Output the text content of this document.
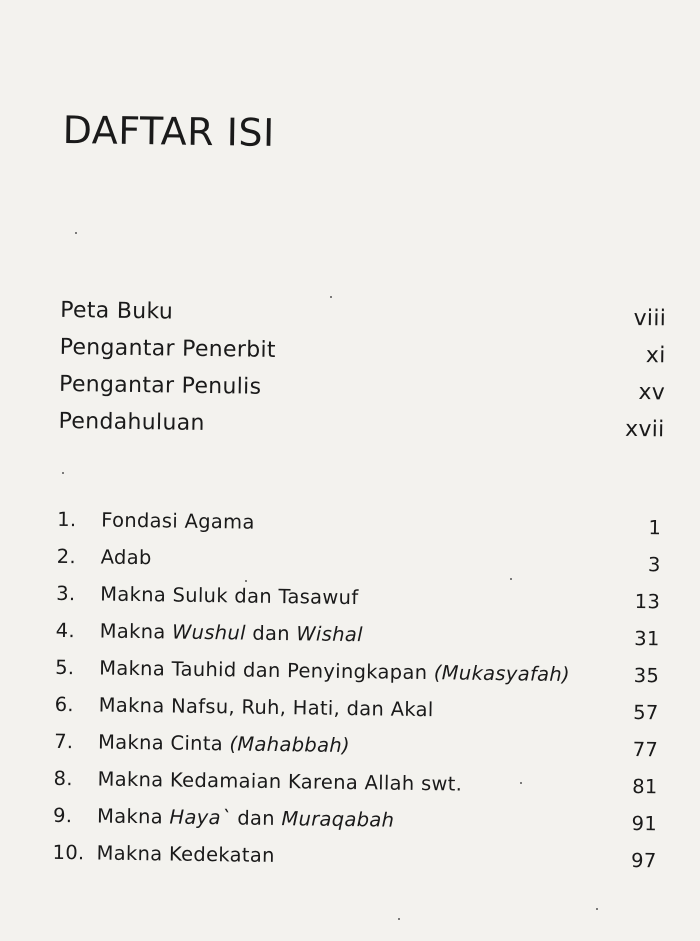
DAFTAR ISI
Peta Buku	viii
Pengantar Penerbit	xi
Pengantar Penulis	xv
Pendahuluan	xvii
1.	Fondasi Agama	1
2.	Adab	3
3.	Makna Suluk dan Tasawuf	13
4.	Makna Wushul dan Wishal	31
5.	Makna Tauhid dan Penyingkapan (Mukasyafah)	35
6.	Makna Nafsu, Ruh, Hati, dan Akal	57
7.	Makna Cinta (Mahabbah)	77
8.	Makna Kedamaian Karena Allah swt.	81
9.	Makna Haya` dan Muraqabah	91
10. Makna Kedekatan	97
